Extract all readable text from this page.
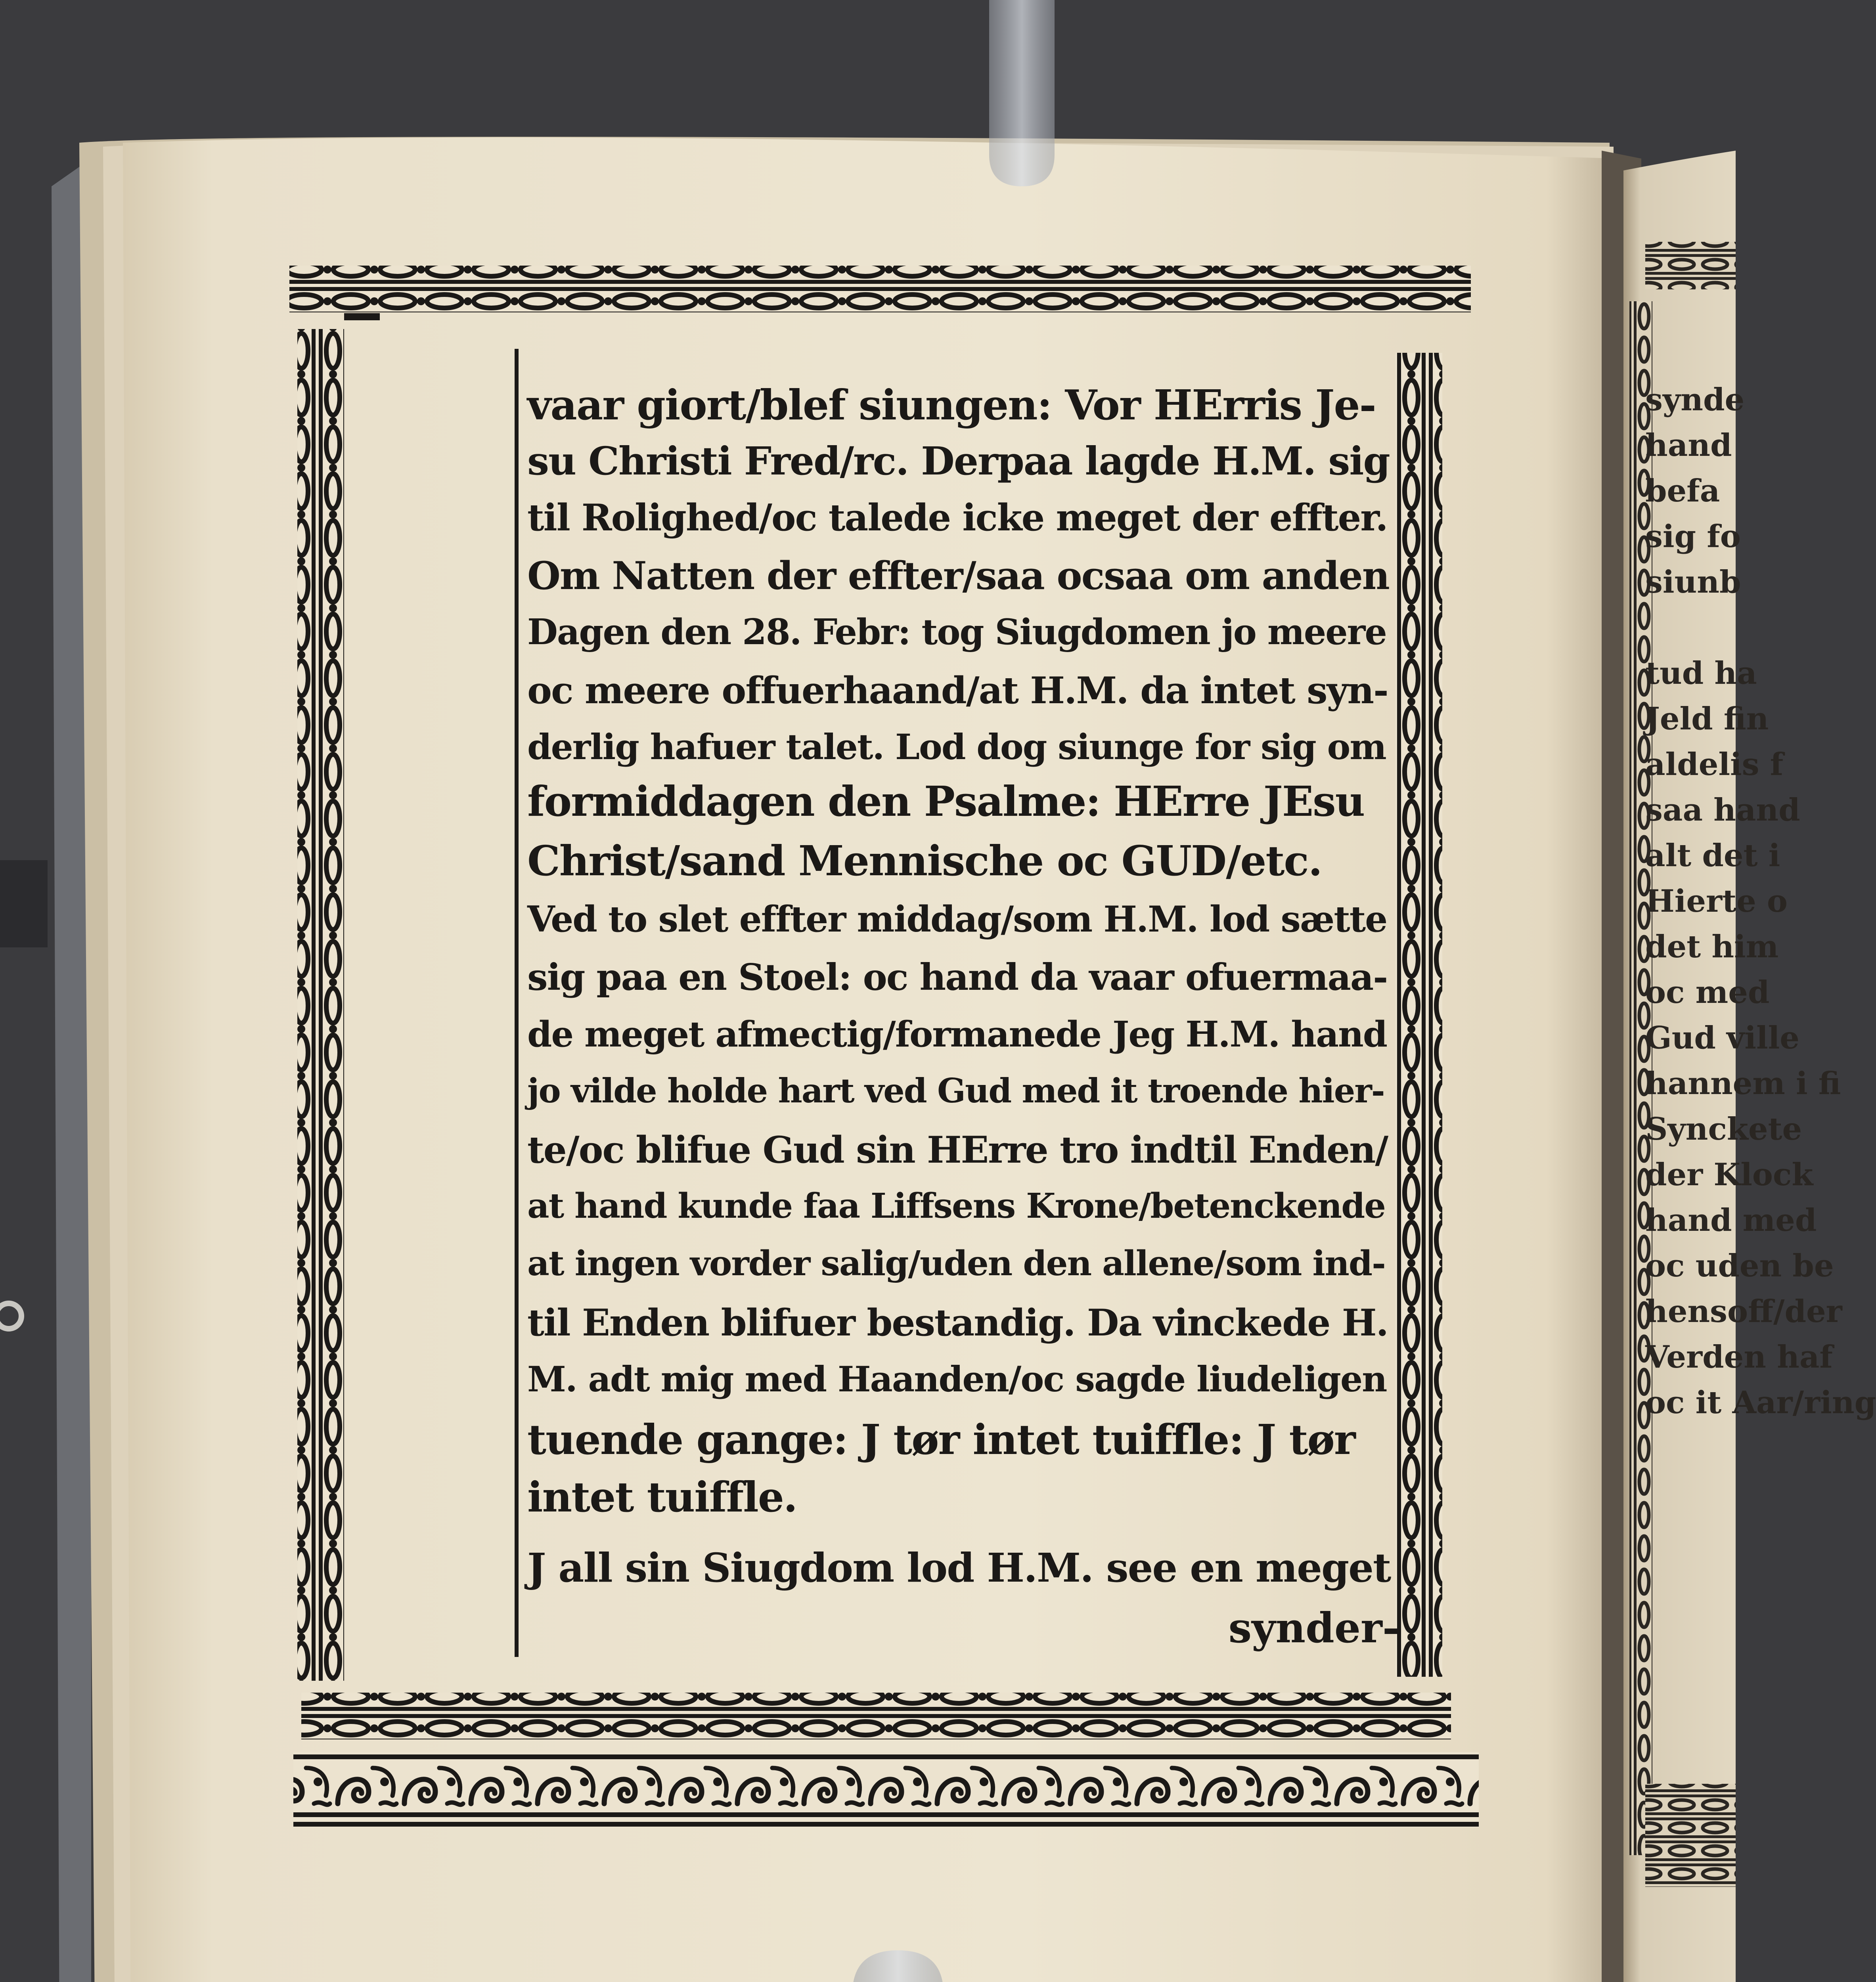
vaar giort/blef siungen: Vor HErris Je-

su Christi Fred/rc. Derpaa lagde H.M. sig

til Rolighed/oc talede icke meget der effter.

Om Natten der effter/saa ocsaa om anden

Dagen den 28. Febr: tog Siugdomen jo meere

oc meere offuerhaand/at H.M. da intet syn-

derlig hafuer talet. Lod dog siunge for sig om

formiddagen den Psalme: HErre JEsu

Christ/sand Mennische oc GUD/etc.

Ved to slet effter middag/som H.M. lod sætte

sig paa en Stoel: oc hand da vaar ofuermaa-

de meget afmectig/formanede Jeg H.M. hand

jo vilde holde hart ved Gud med it troende hier-

te/oc blifue Gud sin HErre tro indtil Enden/

at hand kunde faa Liffsens Krone/betenckende

at ingen vorder salig/uden den allene/som ind-

til Enden blifuer bestandig. Da vinckede H.

M. adt mig med Haanden/oc sagde liudeligen

tuende gange: J tør intet tuiffle: J tør

intet tuiffle.

J all sin Siugdom lod H.M. see en meget

synder-
synde
hand
befa
sig fo
siunb
tud ha
Jeld fin
aldelis f
saa hand
alt det i
Hierte o
det him
oc med
Gud ville
hannem i fi
Synckete
der Klock
hand med
oc uden be
hensoff/der
Verden haf
oc it Aar/ring
